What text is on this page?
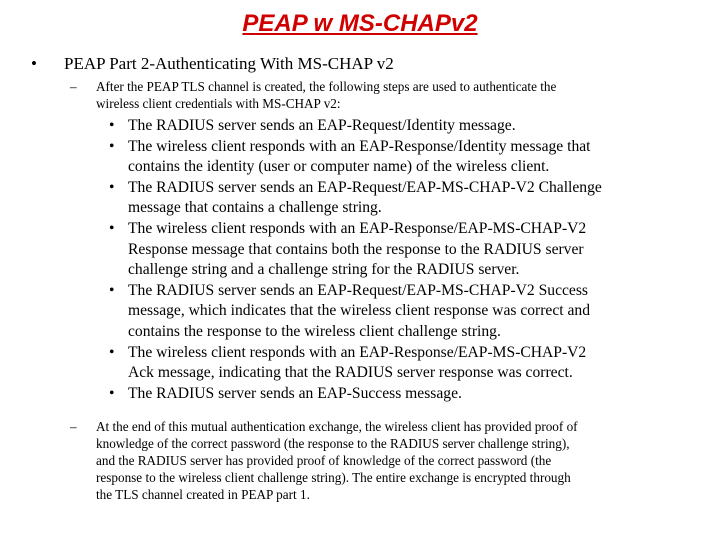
PEAP w MS-CHAPv2
• PEAP Part 2-Authenticating With MS-CHAP v2
– After the PEAP TLS channel is created, the following steps are used to authenticate the
wireless client credentials with MS-CHAP v2:
• The RADIUS server sends an EAP-Request/Identity message.
• The wireless client responds with an EAP-Response/Identity message that
contains the identity (user or computer name) of the wireless client.
• The RADIUS server sends an EAP-Request/EAP-MS-CHAP-V2 Challenge
message that contains a challenge string.
• The wireless client responds with an EAP-Response/EAP-MS-CHAP-V2
Response message that contains both the response to the RADIUS server
challenge string and a challenge string for the RADIUS server.
• The RADIUS server sends an EAP-Request/EAP-MS-CHAP-V2 Success
message, which indicates that the wireless client response was correct and
contains the response to the wireless client challenge string.
• The wireless client responds with an EAP-Response/EAP-MS-CHAP-V2
Ack message, indicating that the RADIUS server response was correct.
• The RADIUS server sends an EAP-Success message.
– At the end of this mutual authentication exchange, the wireless client has provided proof of
knowledge of the correct password (the response to the RADIUS server challenge string),
and the RADIUS server has provided proof of knowledge of the correct password (the
response to the wireless client challenge string). The entire exchange is encrypted through
the TLS channel created in PEAP part 1.
